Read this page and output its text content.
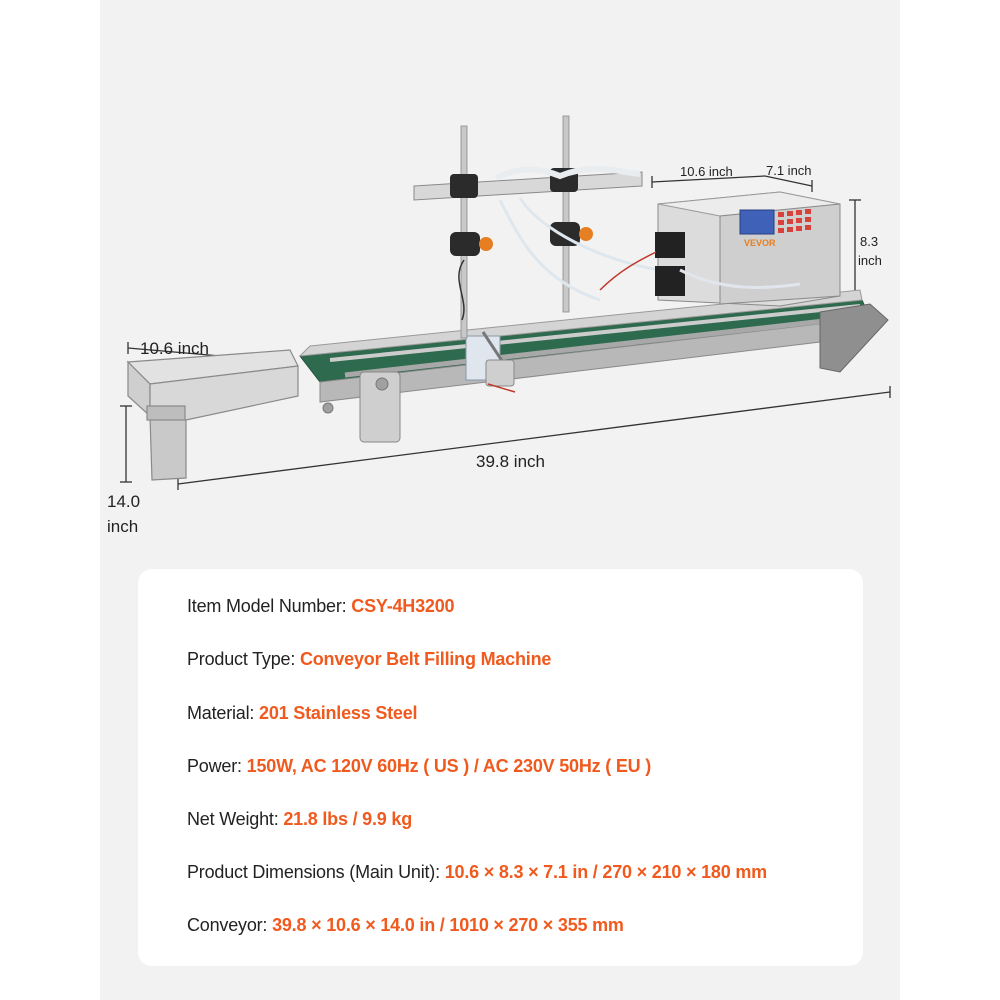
VEVOR
10.6 inch
39.8 inch
14.0
inch
10.6 inch	7.1 inch
8.3
inch
Item Model Number: CSY-4H3200
Product Type: Conveyor Belt Filling Machine
Material: 201 Stainless Steel
Power: 150W, AC 120V 60Hz ( US ) / AC 230V 50Hz ( EU )
Net Weight: 21.8 lbs / 9.9 kg
Product Dimensions (Main Unit): 10.6 × 8.3 × 7.1 in / 270 × 210 × 180 mm
Conveyor: 39.8 × 10.6 × 14.0 in / 1010 × 270 × 355 mm
